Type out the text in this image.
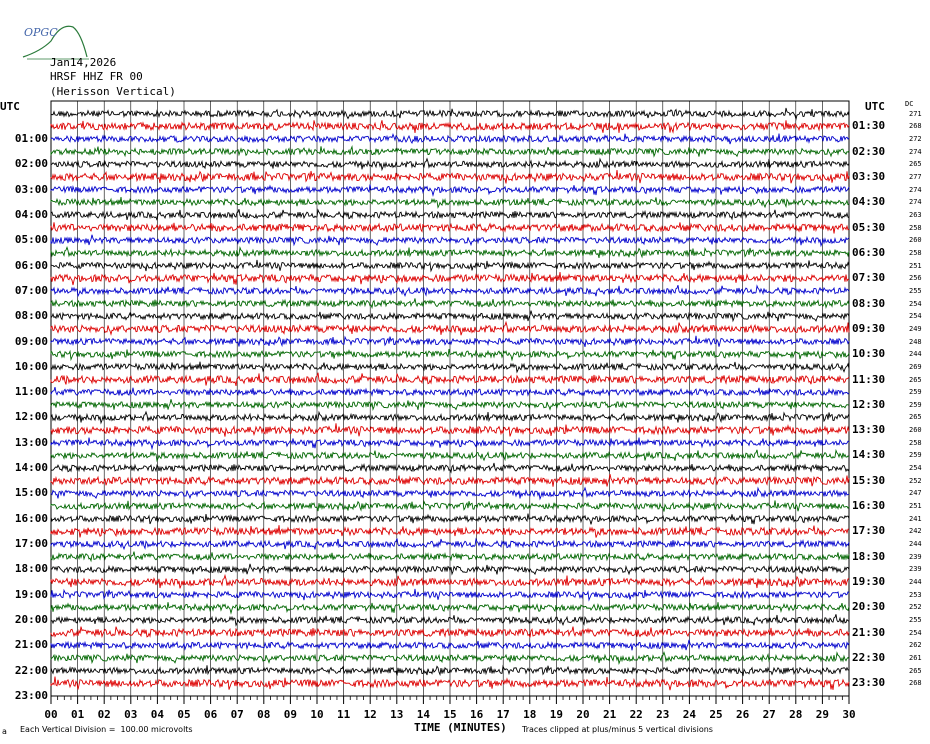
OPGC

Jan14,2026
HRSF HHZ FR 00
(Herisson Vertical)
UTC	UTC	DC
01:00
02:00
03:00
04:00
05:00
06:00
07:00
08:00
09:00
10:00
11:00
12:00
13:00
14:00
15:00
16:00
17:00
18:00
19:00
20:00
21:00
22:00
23:00
01:30
02:30
03:30
04:30
05:30
06:30
07:30
08:30
09:30
10:30
11:30
12:30
13:30
14:30
15:30
16:30
17:30
18:30
19:30
20:30
21:30
22:30
23:30
271
268
272
274
265
277
274
274
263
258
260
258
251
256
255
254
254
249
248
244
269
265
259
259
265
260
258
259
254
252
247
251
241
242
244
239
239
244
253
252
255
254
262
261
265
268
00	01	02	03	04	05	06	07	08	09	10	11	12	13	14	15	16	17	18	19	20	21	22	23	24	25	26	27	28	29	30
a Each Vertical Division =  100.00 microvolts	TIME (MINUTES) Traces clipped at plus/minus 5 vertical divisions
